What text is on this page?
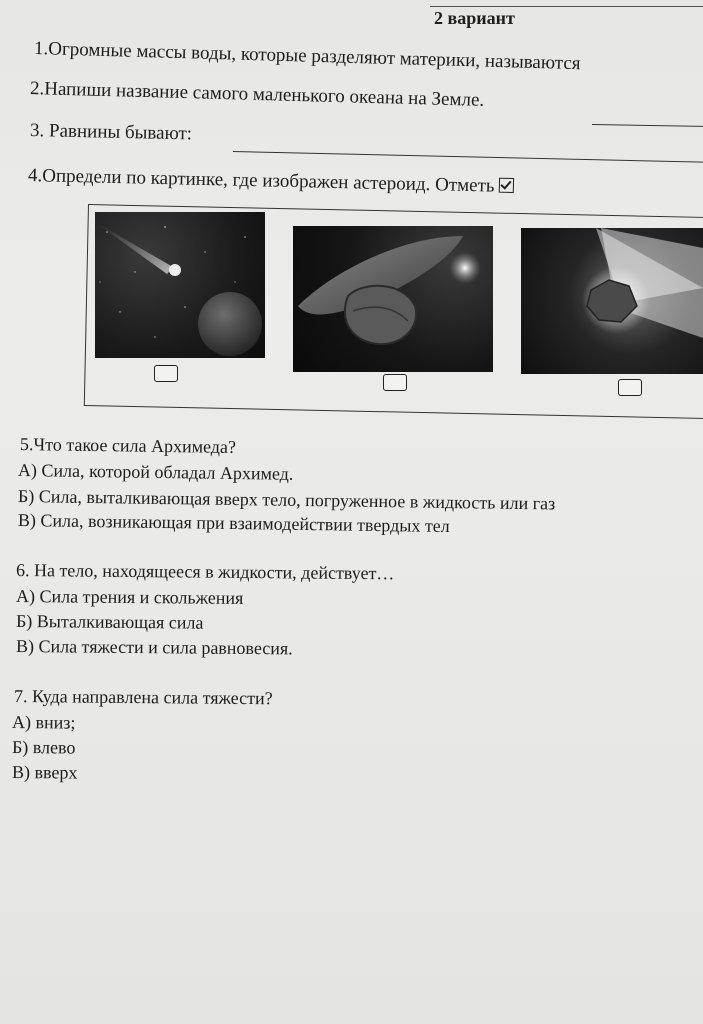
2 вариант
1.Огромные массы воды, которые разделяют материки, называются
2.Напиши название самого маленького океана на Земле.
3. Равнины бывают:
4.Определи по картинке, где изображен астероид. Отметь
5.Что такое сила Архимеда?
А) Сила, которой обладал Архимед.
Б) Сила, выталкивающая вверх тело, погруженное в жидкость или газ
В) Сила, возникающая при взаимодействии твердых тел
6. На тело, находящееся в жидкости, действует…
А) Сила трения и скольжения
Б) Выталкивающая сила
В) Сила тяжести и сила равновесия.
7. Куда направлена сила тяжести?
А) вниз;
Б) влево
В) вверх
